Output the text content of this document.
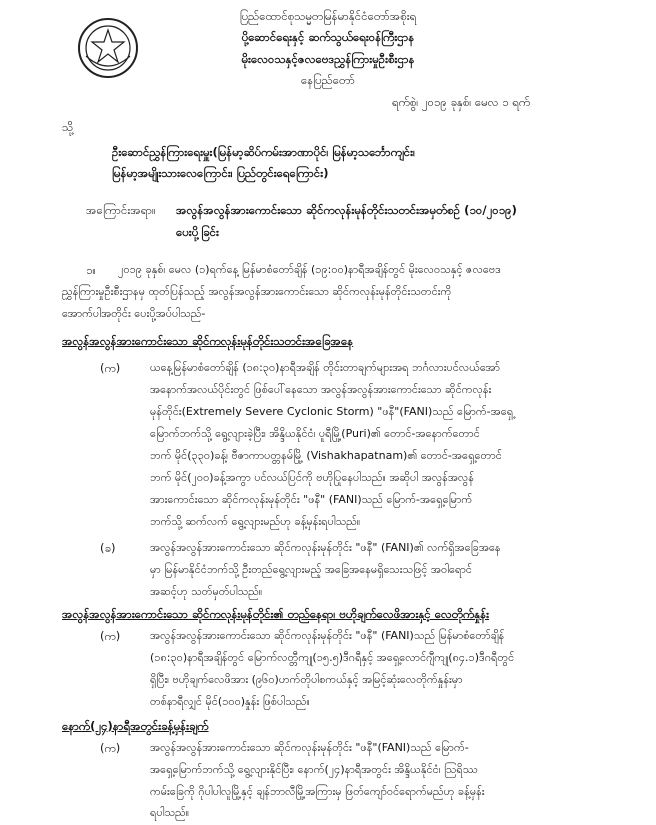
ပြည်ထောင်စုသမ္မတမြန်မာနိုင်ငံတော်အစိုးရ
ပို့ဆောင်ရေးနှင့် ဆက်သွယ်ရေးဝန်ကြီးဌာန
မိုးလေဝသနှင့်ဇလဗေဒညွှန်ကြားမှုဦးစီးဌာန
နေပြည်တော်
ရက်စွဲ၊ ၂၀၁၉ ခုနှစ်၊ မေလ ၁ ရက်
သို့
ဦးဆောင်ညွှန်ကြားရေးမှူး(မြန်မာ့ဆိပ်ကမ်းအာဏာပိုင်၊ မြန်မာ့သင်္ဘောကျင်း၊
မြန်မာ့အမျိုးသားလေကြောင်း၊ ပြည်တွင်းရေကြောင်း)
အကြောင်းအရာ။ အလွန်အလွန်အားကောင်းသော ဆိုင်ကလုန်းမုန်တိုင်းသတင်းအမှတ်စဉ် (၁၀/၂၀၁၉)
ပေးပို့ခြင်း
၁။ ၂၀၁၉ ခုနှစ်၊ မေလ (၁)ရက်နေ့ မြန်မာစံတော်ချိန် (၁၉:၀၀)နာရီအချိန်တွင် မိုးလေဝသနှင့် ဇလဗေဒ
ညွှန်ကြားမှုဦးစီးဌာနမှ ထုတ်ပြန်သည့် အလွန်အလွန်အားကောင်းသော ဆိုင်ကလုန်းမုန်တိုင်းသတင်းကို
အောက်ပါအတိုင်း ပေးပို့အပ်ပါသည်-
အလွန်အလွန်အားကောင်းသော ဆိုင်ကလုန်းမုန်တိုင်းသတင်းအခြေအနေ
(က)	ယနေ့မြန်မာစံတော်ချိန် (၁၈:၃၀)နာရီအချိန် တိုင်းတာချက်များအရ ဘင်္ဂလားပင်လယ်အော်
အနောက်အလယ်ပိုင်းတွင် ဖြစ်ပေါ်နေသော အလွန်အလွန်အားကောင်းသော ဆိုင်ကလုန်း
မုန်တိုင်း(Extremely Severe Cyclonic Storm) "ဖနီ"(FANI)သည် မြောက်-အရှေ့
မြောက်ဘက်သို့ ရွေ့လျားခဲ့ပြီး၊ အိန္ဒိယနိုင်ငံ၊ ပူရီမြို့(Puri)၏ တောင်-အနောက်တောင်
ဘက် မိုင်(၃၃၀)ခန့်၊ ဗီဇာကာပတ္တနမ်မြို့ (Vishakhapatnam)၏ တောင်-အရှေ့တောင်
ဘက် မိုင်(၂၀၀)ခန့်အကွာ ပင်လယ်ပြင်ကို ဗဟိုပြုနေပါသည်။ အဆိုပါ အလွန်အလွန်
အားကောင်းသော ဆိုင်ကလုန်းမုန်တိုင်း "ဖနီ" (FANI)သည် မြောက်-အရှေ့မြောက်
ဘက်သို့ ဆက်လက် ရွေ့လျားမည်ဟု ခန့်မှန်းရပါသည်။
(ခ)	အလွန်အလွန်အားကောင်းသော ဆိုင်ကလုန်းမုန်တိုင်း "ဖနီ" (FANI)၏ လက်ရှိအခြေအနေ
မှာ မြန်မာနိုင်ငံဘက်သို့ ဦးတည်ရွေ့လျားမည့် အခြေအနေမရှိသေးသဖြင့် အဝါရောင်
အဆင့်ဟု သတ်မှတ်ပါသည်။
အလွန်အလွန်အားကောင်းသော ဆိုင်ကလုန်းမုန်တိုင်း၏ တည်နေရာ၊ ဗဟိုချက်လေဖိအားနှင့် လေတိုက်နှုန်း
(က)	အလွန်အလွန်အားကောင်းသော ဆိုင်ကလုန်းမုန်တိုင်း "ဖနီ" (FANI)သည် မြန်မာစံတော်ချိန်
(၁၈:၃၀)နာရီအချိန်တွင် မြောက်လတ္တီကျု(၁၅.၅)ဒီဂရီနှင့် အရှေ့လောင်ဂျီကျု(၈၄.၁)ဒီဂရီတွင်
ရှိပြီး၊ ဗဟိုချက်လေဖိအား (၉၆၀)ဟက်တိုပါစကယ်နှင့် အမြင့်ဆုံးလေတိုက်နှုန်းမှာ
တစ်နာရီလျှင် မိုင်(၁၀၀)နှုန်း ဖြစ်ပါသည်။
နောက်(၂၄)နာရီအတွင်းခန့်မှန်းချက်
(က)	အလွန်အလွန်အားကောင်းသော ဆိုင်ကလုန်းမုန်တိုင်း "ဖနီ"(FANI)သည် မြောက်-
အရှေ့မြောက်ဘက်သို့ ရွေ့လျားနိုင်ပြီး၊ နောက်(၂၄)နာရီအတွင်း အိန္ဒိယနိုင်ငံ၊ ဩရိဿ
ကမ်းခြေကို ဂိုပါပါလူမြို့နှင့် ချန်ဘာလီမြို့အကြားမှ ဖြတ်ကျော်ဝင်ရောက်မည်ဟု ခန့်မှန်း
ရပါသည်။
